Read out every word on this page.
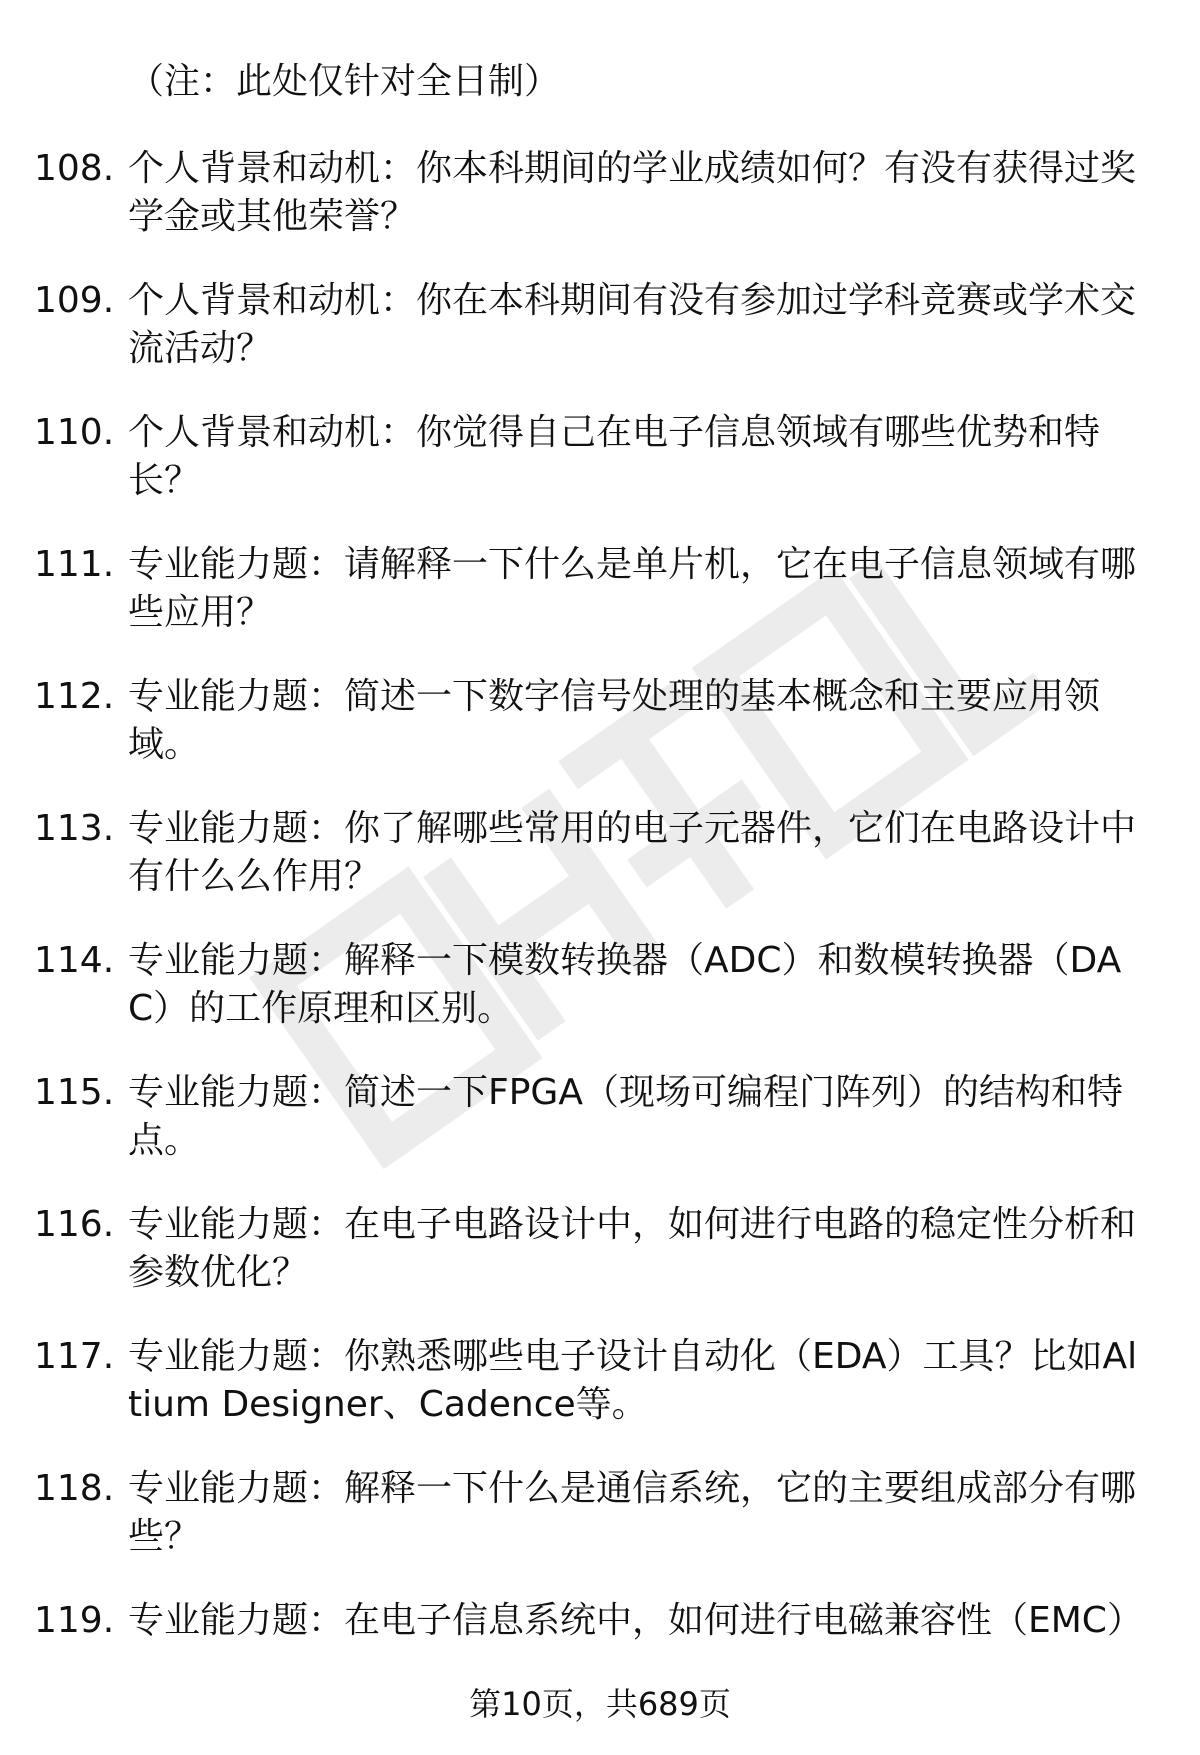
（注：此处仅针对全日制）
108. 个人背景和动机：你本科期间的学业成绩如何？有没有获得过奖学金或其他荣誉？
109. 个人背景和动机：你在本科期间有没有参加过学科竞赛或学术交流活动？
110. 个人背景和动机：你觉得自己在电子信息领域有哪些优势和特长？
111. 专业能力题：请解释一下什么是单片机，它在电子信息领域有哪些应用？
112. 专业能力题：简述一下数字信号处理的基本概念和主要应用领域。
113. 专业能力题：你了解哪些常用的电子元器件，它们在电路设计中有什么么作用？
114. 专业能力题：解释一下模数转换器（ADC）和数模转换器（DAC）的工作原理和区别。
115. 专业能力题：简述一下FPGA（现场可编程门阵列）的结构和特点。
116. 专业能力题：在电子电路设计中，如何进行电路的稳定性分析和参数优化？
117. 专业能力题：你熟悉哪些电子设计自动化（EDA）工具？比如Altium Designer、Cadence等。
118. 专业能力题：解释一下什么是通信系统，它的主要组成部分有哪些？
119. 专业能力题：在电子信息系统中，如何进行电磁兼容性（EMC）
第10页，共689页
